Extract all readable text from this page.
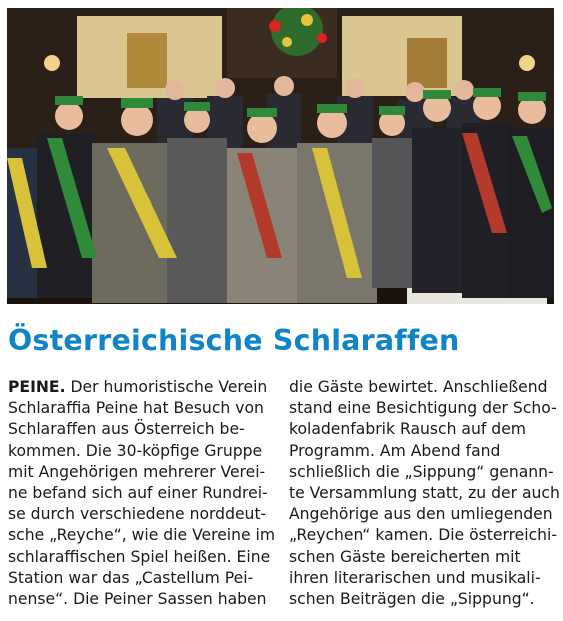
Österreichische Schlaraffen
PEINE. Der humoristische Verein
Schlaraffia Peine hat Besuch von
Schlaraffen aus Österreich be-
kommen. Die 30-köpfige Gruppe
mit Angehörigen mehrerer Verei-
ne befand sich auf einer Rundrei-
se durch verschiedene norddeut-
sche „Reyche“, wie die Vereine im
schlaraffischen Spiel heißen. Eine
Station war das „Castellum Pei-
nense“. Die Peiner Sassen haben
die Gäste bewirtet. Anschließend
stand eine Besichtigung der Scho-
koladenfabrik Rausch auf dem
Programm. Am Abend fand
schließlich die „Sippung“ genann-
te Versammlung statt, zu der auch
Angehörige aus den umliegenden
„Reychen“ kamen. Die österreichi-
schen Gäste bereicherten mit
ihren literarischen und musikali-
schen Beiträgen die „Sippung“.
